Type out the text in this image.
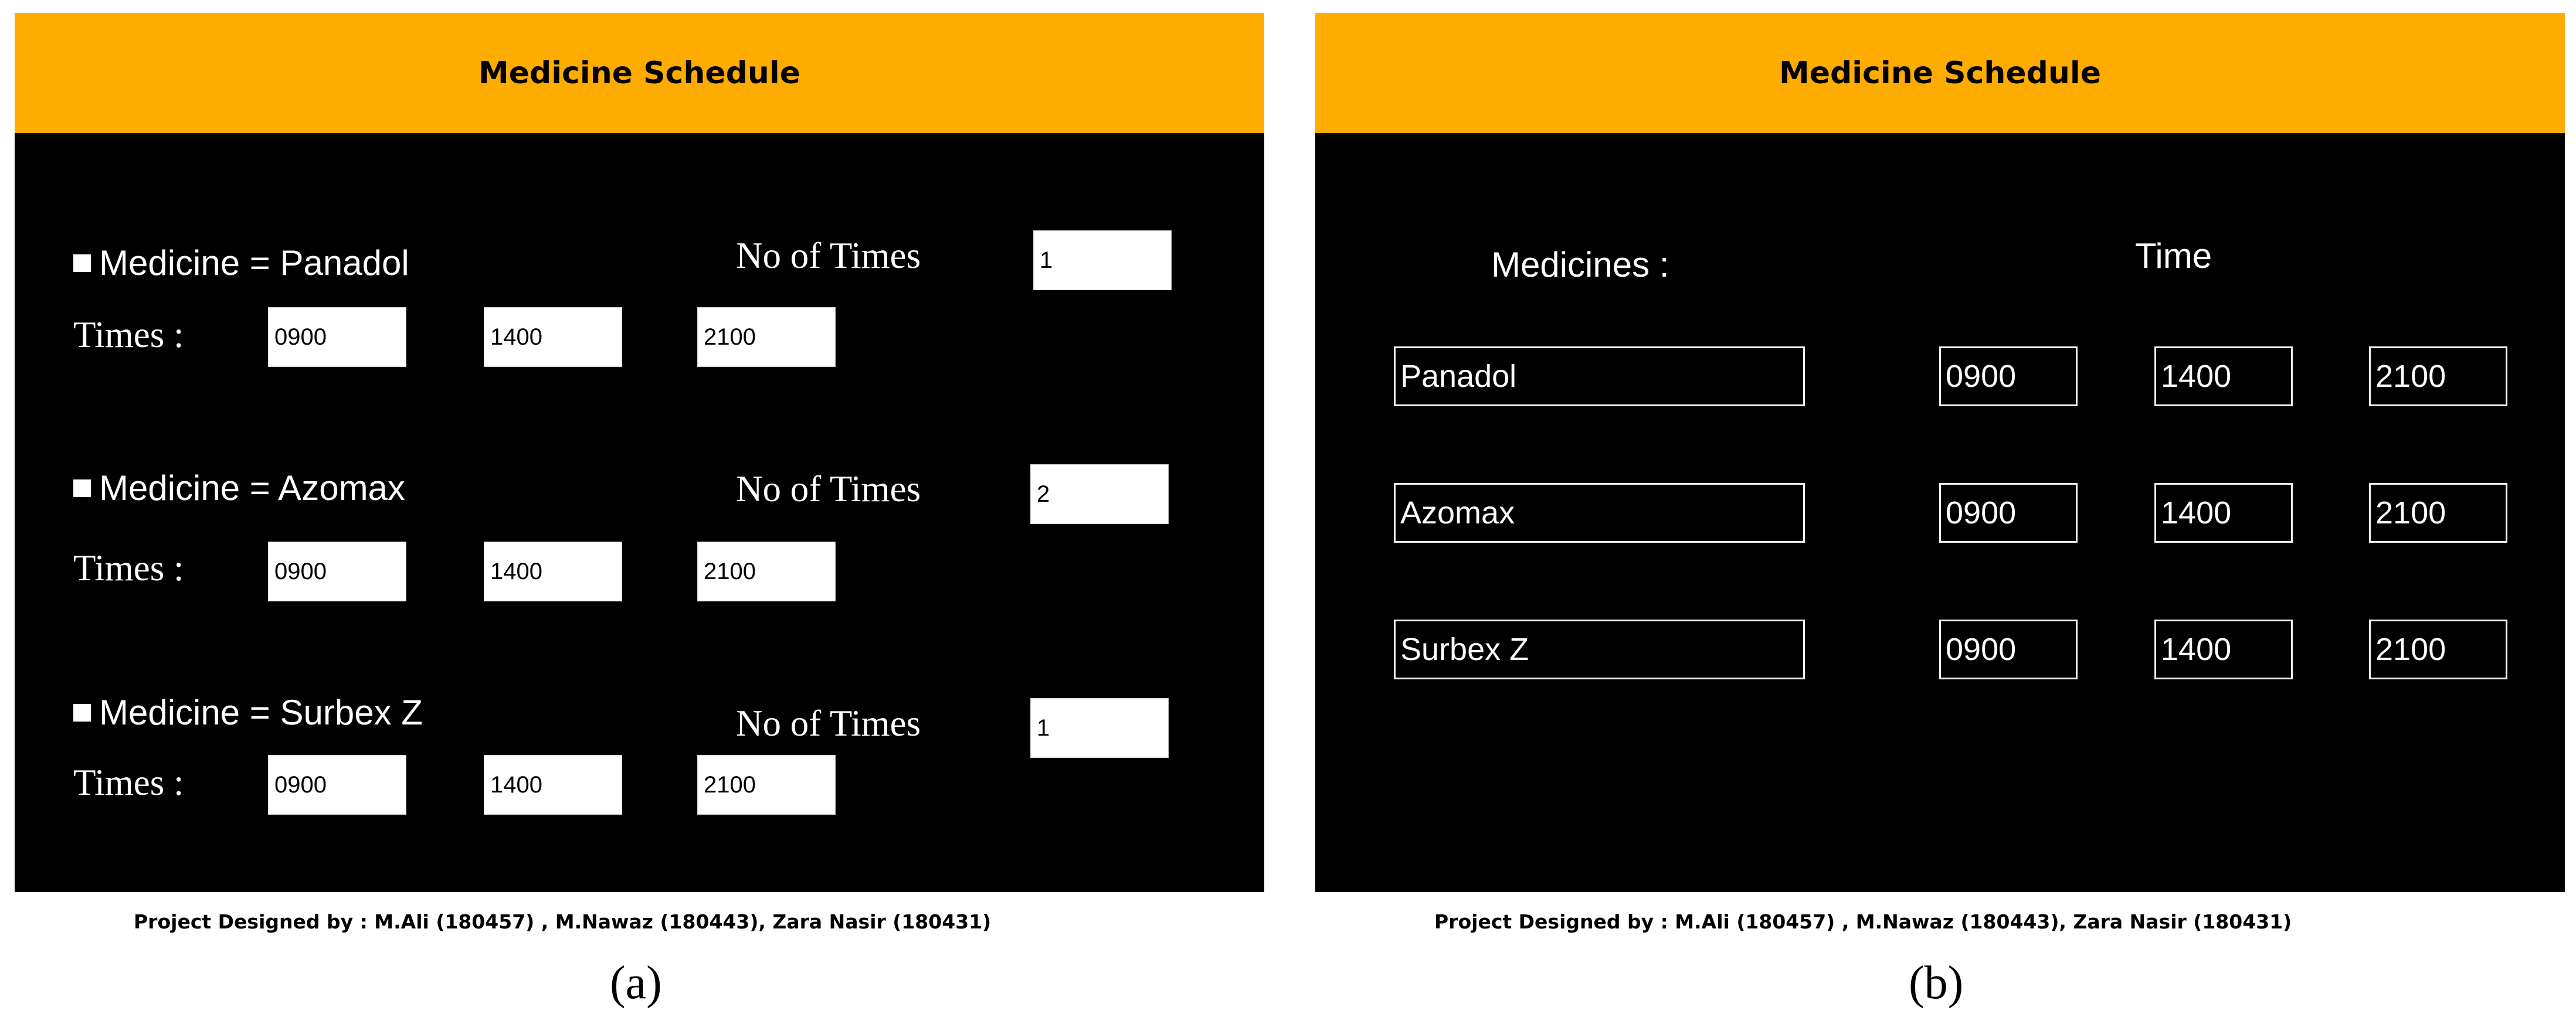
Medicine Schedule
Medicine = Panadol	No of Times	1
Times :	0900	1400	2100
Medicine = Azomax	No of Times	2
Times :	0900	1400	2100
Medicine = Surbex Z	No of Times	1
Times :	0900	1400	2100
Project Designed by : M.Ali (180457) , M.Nawaz (180443), Zara Nasir (180431)
(a)
Medicine Schedule
Medicines :	Time
Panadol	0900	1400	2100
Azomax	0900	1400	2100
Surbex Z	0900	1400	2100
Project Designed by : M.Ali (180457) , M.Nawaz (180443), Zara Nasir (180431)
(b)
